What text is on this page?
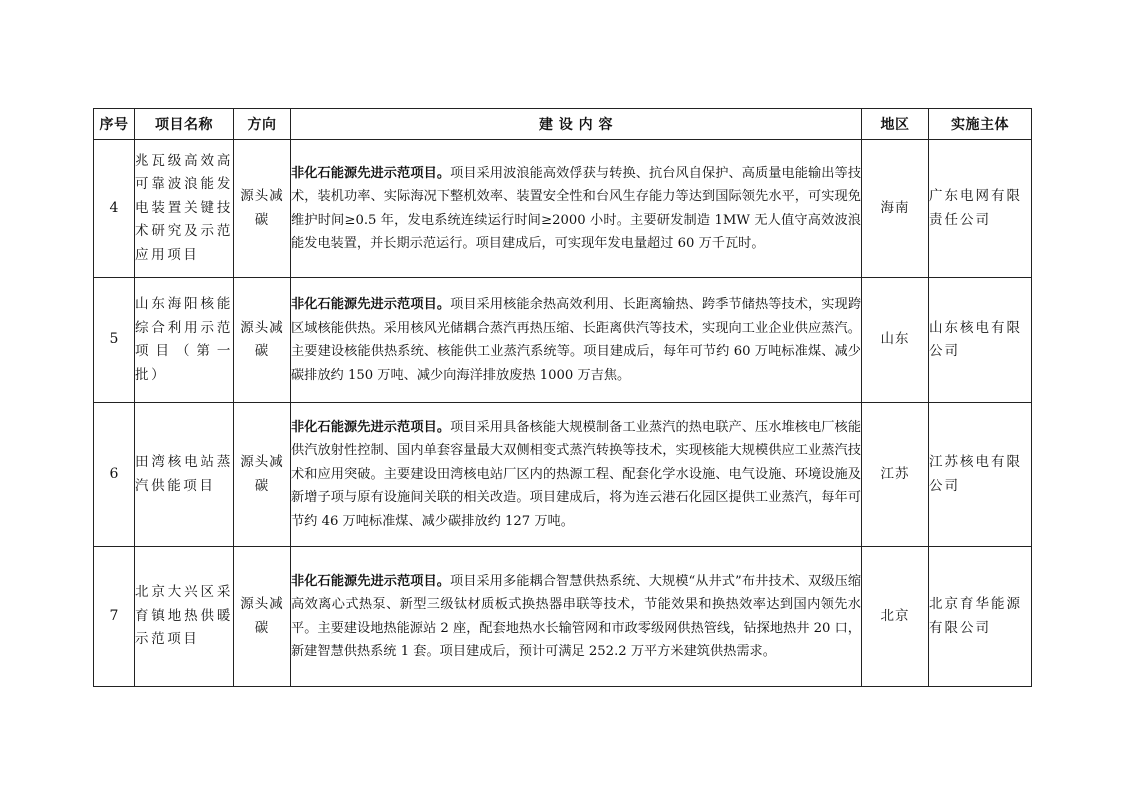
序号	项目名称	方向	建 设 内 容	地区	实施主体
4	兆瓦级高效高可靠波浪能发电装置关键技术研究及示范应用项目	源头减碳	非化石能源先进示范项目。项目采用波浪能高效俘获与转换、抗台风自保护、高质量电能输出等技术，装机功率、实际海况下整机效率、装置安全性和台风生存能力等达到国际领先水平，可实现免维护时间≥0.5 年，发电系统连续运行时间≥2000 小时。主要研发制造 1MW 无人值守高效波浪能发电装置，并长期示范运行。项目建成后，可实现年发电量超过 60 万千瓦时。	海南	广东电网有限责任公司
5	山东海阳核能综合利用示范项目（第一批）	源头减碳	非化石能源先进示范项目。项目采用核能余热高效利用、长距离输热、跨季节储热等技术，实现跨区域核能供热。采用核风光储耦合蒸汽再热压缩、长距离供汽等技术，实现向工业企业供应蒸汽。主要建设核能供热系统、核能供工业蒸汽系统等。项目建成后，每年可节约 60 万吨标准煤、减少碳排放约 150 万吨、减少向海洋排放废热 1000 万吉焦。	山东	山东核电有限公司
6	田湾核电站蒸汽供能项目	源头减碳	非化石能源先进示范项目。项目采用具备核能大规模制备工业蒸汽的热电联产、压水堆核电厂核能供汽放射性控制、国内单套容量最大双侧相变式蒸汽转换等技术，实现核能大规模供应工业蒸汽技术和应用突破。主要建设田湾核电站厂区内的热源工程、配套化学水设施、电气设施、环境设施及新增子项与原有设施间关联的相关改造。项目建成后，将为连云港石化园区提供工业蒸汽，每年可节约 46 万吨标准煤、减少碳排放约 127 万吨。	江苏	江苏核电有限公司
7	北京大兴区采育镇地热供暖示范项目	源头减碳	非化石能源先进示范项目。项目采用多能耦合智慧供热系统、大规模“从井式”布井技术、双级压缩高效离心式热泵、新型三级钛材质板式换热器串联等技术，节能效果和换热效率达到国内领先水平。主要建设地热能源站 2 座，配套地热水长输管网和市政零级网供热管线，钻探地热井 20 口，新建智慧供热系统 1 套。项目建成后，预计可满足 252.2 万平方米建筑供热需求。	北京	北京育华能源有限公司
